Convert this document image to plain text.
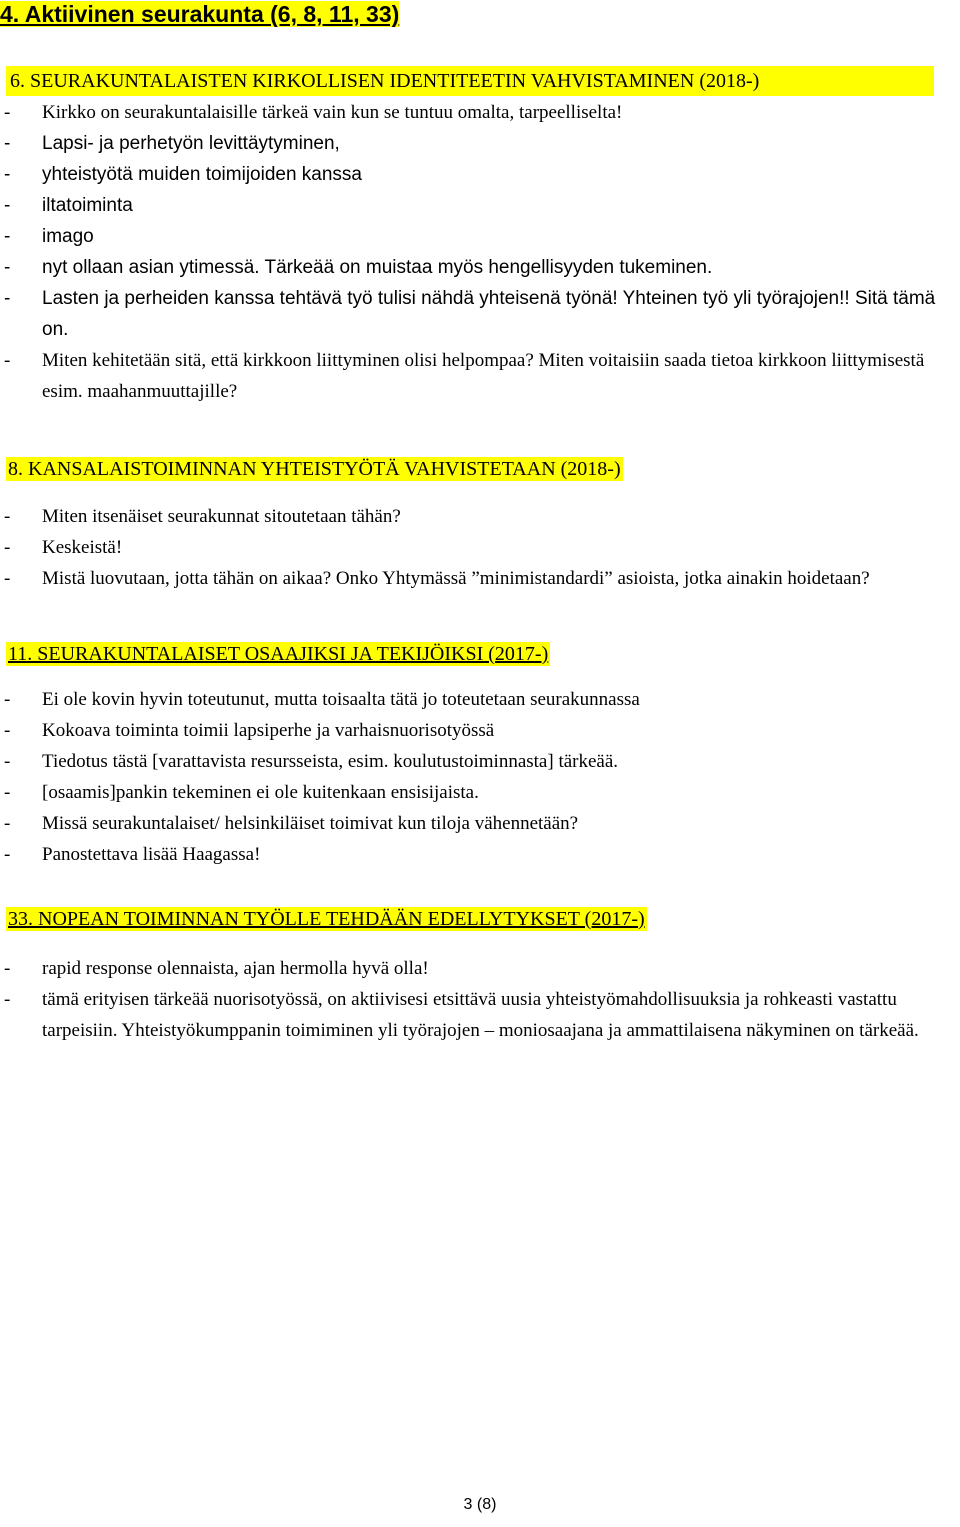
4. Aktiivinen seurakunta (6, 8, 11, 33)
6. SEURAKUNTALAISTEN KIRKOLLISEN IDENTITEETIN VAHVISTAMINEN (2018-)
- Kirkko on seurakuntalaisille tärkeä vain kun se tuntuu omalta, tarpeelliselta!
- Lapsi- ja perhetyön levittäytyminen,
- yhteistyötä muiden toimijoiden kanssa
- iltatoiminta
- imago
- nyt ollaan asian ytimessä. Tärkeää on muistaa myös hengellisyyden tukeminen.
- Lasten ja perheiden kanssa tehtävä työ tulisi nähdä yhteisenä työnä! Yhteinen työ yli työrajojen!! Sitä tämä on.
- Miten kehitetään sitä, että kirkkoon liittyminen olisi helpompaa? Miten voitaisiin saada tietoa kirkkoon liittymisestä esim. maahanmuuttajille?
8. KANSALAISTOIMINNAN YHTEISTYÖTÄ VAHVISTETAAN (2018-)
- Miten itsenäiset seurakunnat sitoutetaan tähän?
- Keskeistä!
- Mistä luovutaan, jotta tähän on aikaa? Onko Yhtymässä ”minimistandardi” asioista, jotka ainakin hoidetaan?
11. SEURAKUNTALAISET OSAAJIKSI JA TEKIJÖIKSI (2017-)
- Ei ole kovin hyvin toteutunut, mutta toisaalta tätä jo toteutetaan seurakunnassa
- Kokoava toiminta toimii lapsiperhe ja varhaisnuorisotyössä
- Tiedotus tästä [varattavista resursseista, esim. koulutustoiminnasta] tärkeää.
- [osaamis]pankin tekeminen ei ole kuitenkaan ensisijaista.
- Missä seurakuntalaiset/ helsinkiläiset toimivat kun tiloja vähennetään?
- Panostettava lisää Haagassa!
33. NOPEAN TOIMINNAN TYÖLLE TEHDÄÄN EDELLYTYKSET (2017-)
- rapid response olennaista, ajan hermolla hyvä olla!
- tämä erityisen tärkeää nuorisotyössä, on aktiivisesi etsittävä uusia yhteistyömahdollisuuksia ja rohkeasti vastattu tarpeisiin. Yhteistyökumppanin toimiminen yli työrajojen – moniosaajana ja ammattilaisena näkyminen on tärkeää.
3 (8)
